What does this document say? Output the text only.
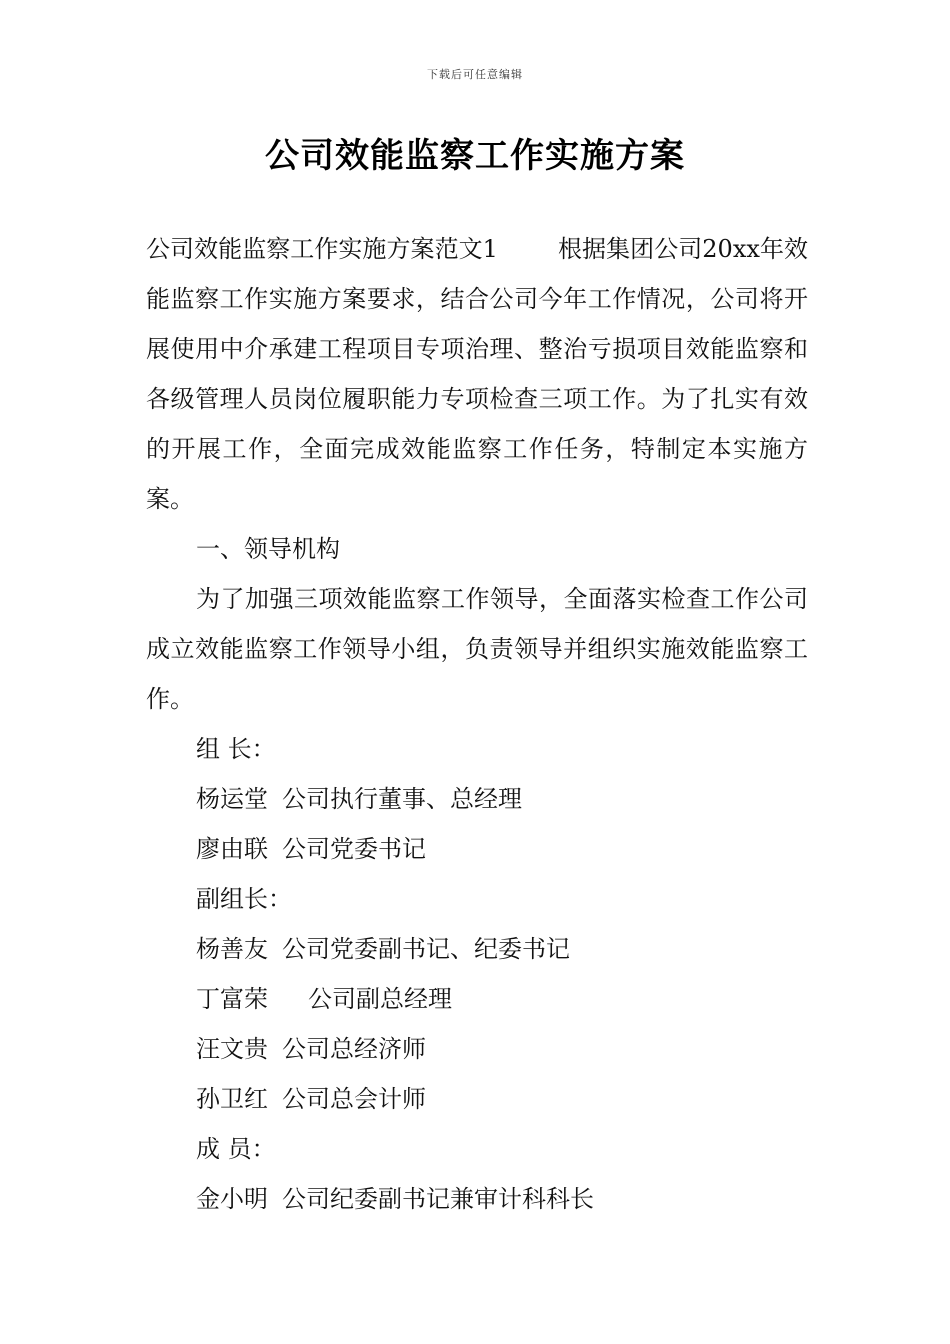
下载后可任意编辑
公司效能监察工作实施方案

公司效能监察工作实施方案范文1	根据集团公司20xx年效能监察工作实施方案要求，结合公司今年工作情况，公司将开展使用中介承建工程项目专项治理、整治亏损项目效能监察和各级管理人员岗位履职能力专项检查三项工作。为了扎实有效的开展工作，全面完成效能监察工作任务，特制定本实施方案。

一、领导机构

为了加强三项效能监察工作领导，全面落实检查工作公司成立效能监察工作领导小组，负责领导并组织实施效能监察工作。

组 长：

杨运堂 公司执行董事、总经理

廖由联 公司党委书记

副组长：

杨善友 公司党委副书记、纪委书记

丁富荣 公司副总经理

汪文贵 公司总经济师

孙卫红 公司总会计师

成 员：

金小明 公司纪委副书记兼审计科科长
